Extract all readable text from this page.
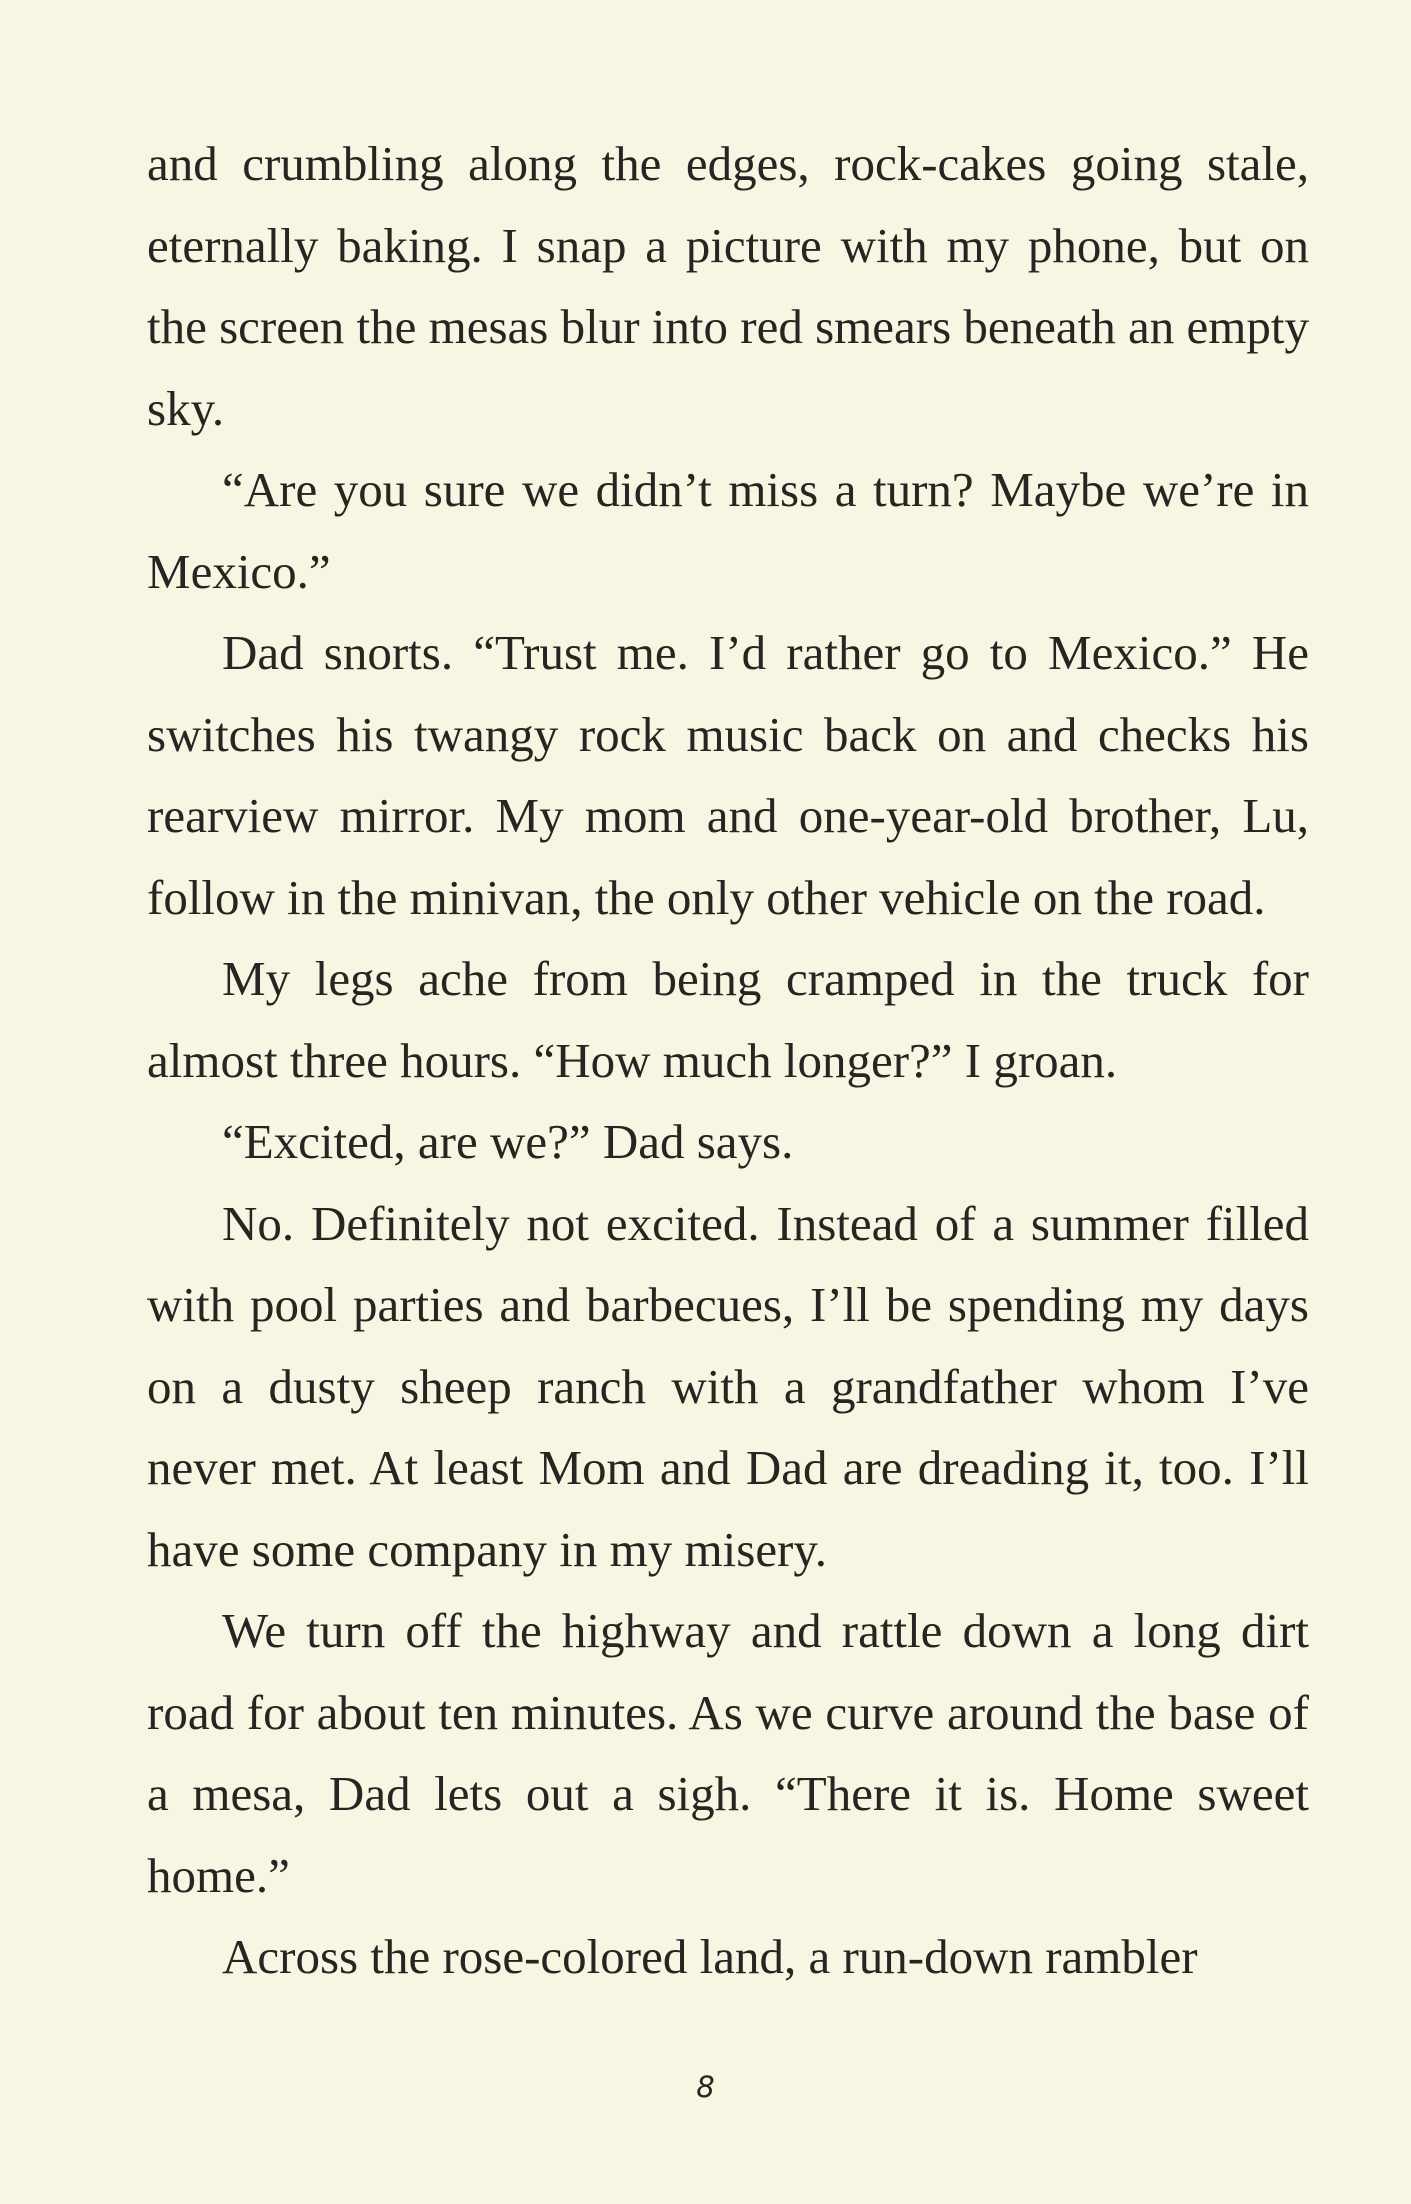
and crumbling along the edges, rock-cakes going stale, eternally baking. I snap a picture with my phone, but on the screen the mesas blur into red smears beneath an empty sky.

“Are you sure we didn’t miss a turn? Maybe we’re in Mexico.”

Dad snorts. “Trust me. I’d rather go to Mexico.” He switches his twangy rock music back on and checks his rearview mirror. My mom and one-year-old brother, Lu, follow in the minivan, the only other vehicle on the road.

My legs ache from being cramped in the truck for almost three hours. “How much longer?” I groan.

“Excited, are we?” Dad says.

No. Definitely not excited. Instead of a summer filled with pool parties and barbecues, I’ll be spending my days on a dusty sheep ranch with a grandfather whom I’ve never met. At least Mom and Dad are dreading it, too. I’ll have some company in my misery.

We turn off the highway and rattle down a long dirt road for about ten minutes. As we curve around the base of a mesa, Dad lets out a sigh. “There it is. Home sweet home.”

Across the rose-colored land, a run-down rambler

8
